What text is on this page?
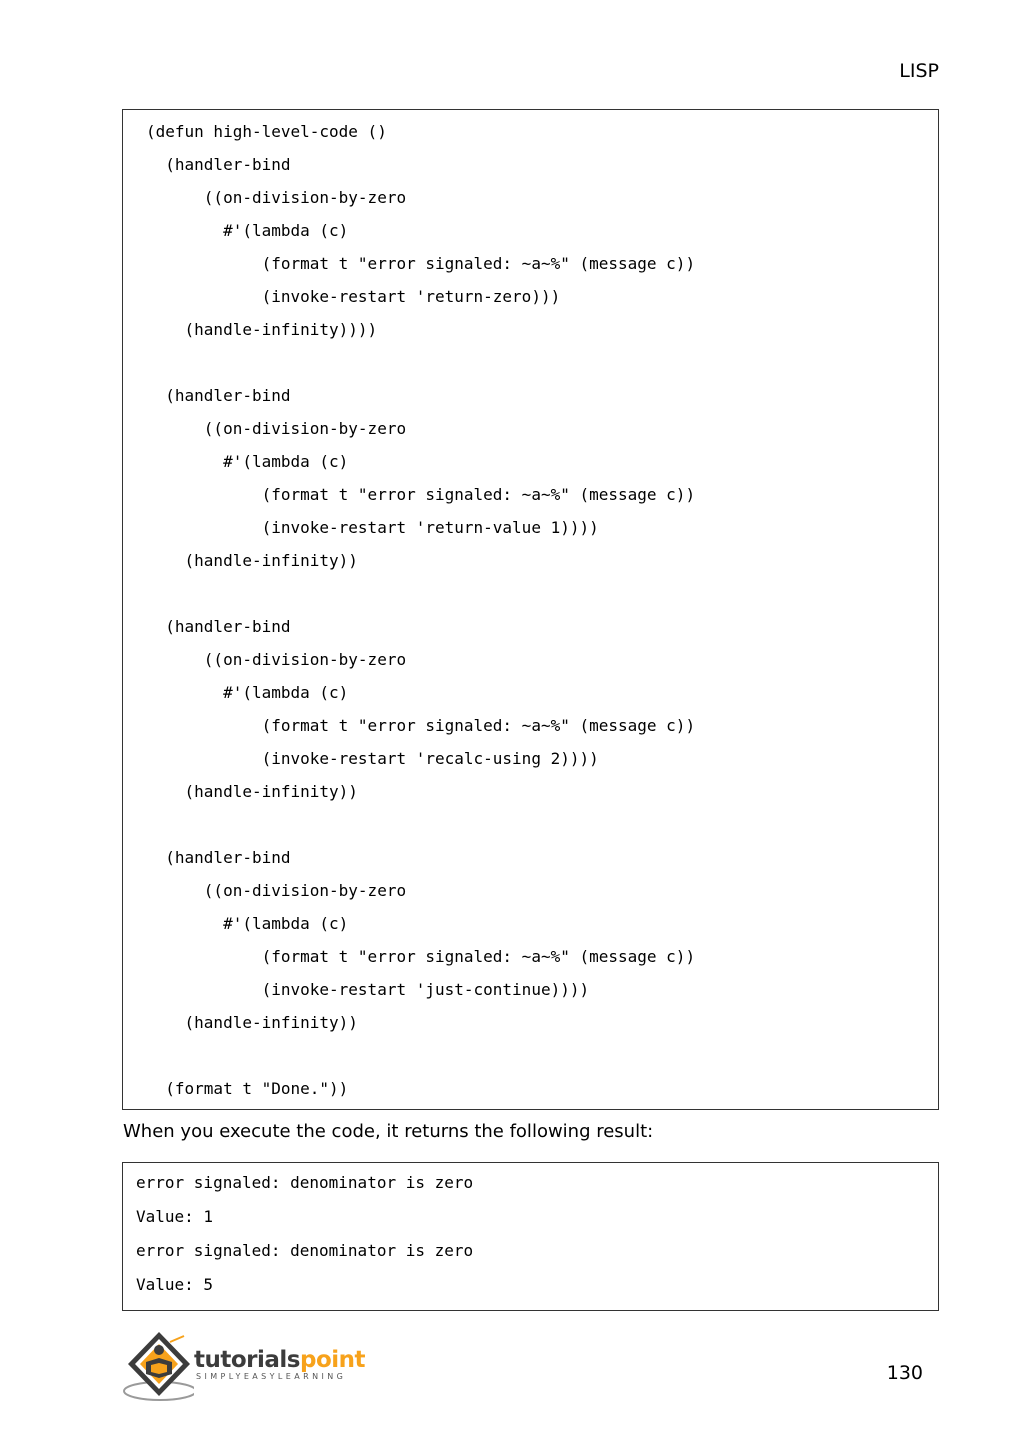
LISP
(defun high-level-code ()
(handler-bind
((on-division-by-zero
#'(lambda (c)
(format t "error signaled: ~a~%" (message c))
(invoke-restart 'return-zero)))
(handle-infinity))))
(handler-bind
((on-division-by-zero
#'(lambda (c)
(format t "error signaled: ~a~%" (message c))
(invoke-restart 'return-value 1))))
(handle-infinity))
(handler-bind
((on-division-by-zero
#'(lambda (c)
(format t "error signaled: ~a~%" (message c))
(invoke-restart 'recalc-using 2))))
(handle-infinity))
(handler-bind
((on-division-by-zero
#'(lambda (c)
(format t "error signaled: ~a~%" (message c))
(invoke-restart 'just-continue))))
(handle-infinity))
(format t "Done."))
When you execute the code, it returns the following result:
error signaled: denominator is zero
Value: 1
error signaled: denominator is zero
Value: 5
tutorialspoint
SIMPLYEASYLEARNING	130
